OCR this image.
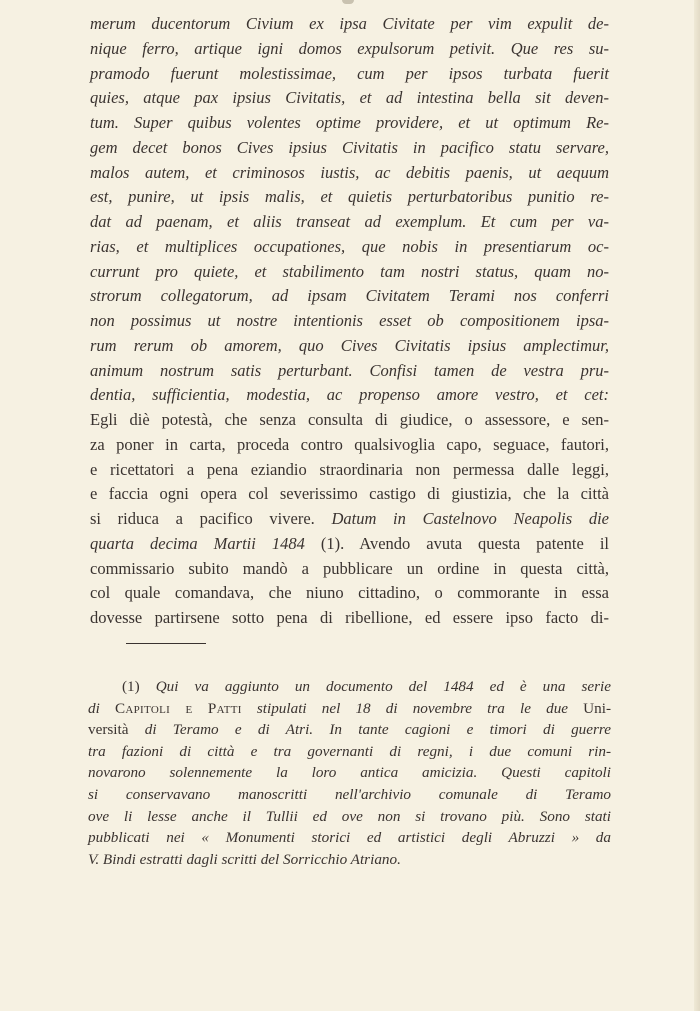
merum ducentorum Civium ex ipsa Civitate per vim expulit de-
nique ferro, artique igni domos expulsorum petivit. Que res su-
pramodo fuerunt molestissimae, cum per ipsos turbata fuerit
quies, atque pax ipsius Civitatis, et ad intestina bella sit deven-
tum. Super quibus volentes optime providere, et ut optimum Re-
gem decet bonos Cives ipsius Civitatis in pacifico statu servare,
malos autem, et criminosos iustis, ac debitis paenis, ut aequum
est, punire, ut ipsis malis, et quietis perturbatoribus punitio re-
dat ad paenam, et aliis transeat ad exemplum. Et cum per va-
rias, et multiplices occupationes, que nobis in presentiarum oc-
currunt pro quiete, et stabilimento tam nostri status, quam no-
strorum collegatorum, ad ipsam Civitatem Terami nos conferri
non possimus ut nostre intentionis esset ob compositionem ipsa-
rum rerum ob amorem, quo Cives Civitatis ipsius amplectimur,
animum nostrum satis perturbant. Confisi tamen de vestra pru-
dentia, sufficientia, modestia, ac propenso amore vestro, et cet:
Egli diè potestà, che senza consulta di giudice, o assessore, e sen-
za poner in carta, proceda contro qualsivoglia capo, seguace, fautori,
e ricettatori a pena eziandio straordinaria non permessa dalle leggi,
e faccia ogni opera col severissimo castigo di giustizia, che la città
si riduca a pacifico vivere. Datum in Castelnovo Neapolis die
quarta decima Martii 1484 (1). Avendo avuta questa patente il
commissario subito mandò a pubblicare un ordine in questa città,
col quale comandava, che niuno cittadino, o commorante in essa
dovesse partirsene sotto pena di ribellione, ed essere ipso facto di-
(1) Qui va aggiunto un documento del 1484 ed è una serie
di Capitoli e Patti stipulati nel 18 di novembre tra le due Uni-
versità di Teramo e di Atri. In tante cagioni e timori di guerre
tra fazioni di città e tra governanti di regni, i due comuni rin-
novarono solennemente la loro antica amicizia. Questi capitoli
si conservavano manoscritti nell'archivio comunale di Teramo
ove li lesse anche il Tullii ed ove non si trovano più. Sono stati
pubblicati nei « Monumenti storici ed artistici degli Abruzzi » da
V. Bindi estratti dagli scritti del Sorricchio Atriano.
